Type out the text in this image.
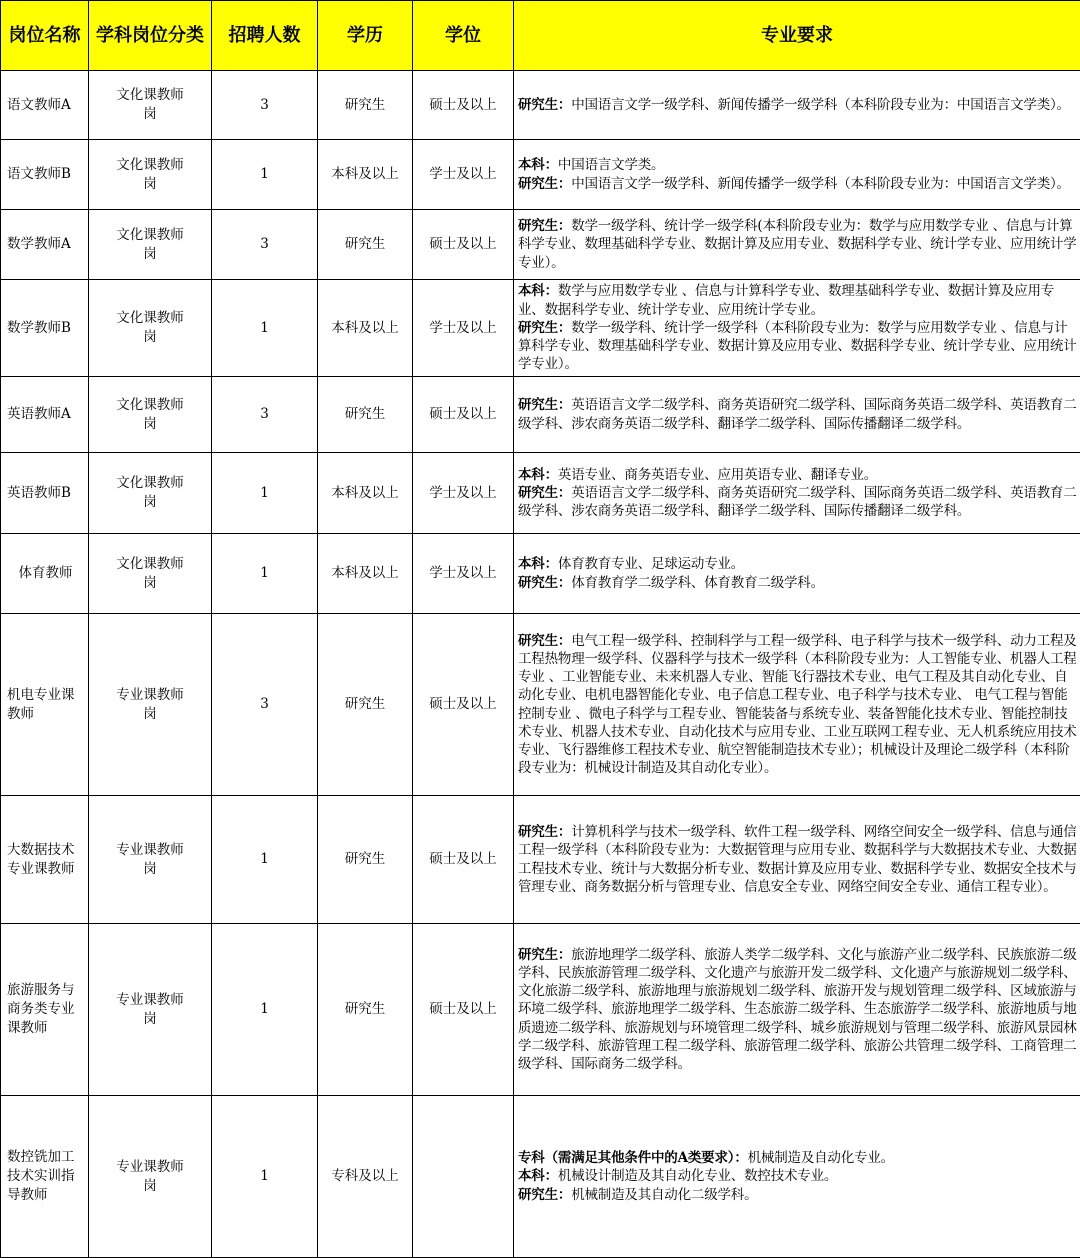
岗位名称	学科岗位分类	招聘人数	学历	学位	专业要求
语文教师A	文化课教师岗	3	研究生	硕士及以上	研究生：中国语言文学一级学科、新闻传播学一级学科（本科阶段专业为：中国语言文学类）。

语文教师B	文化课教师岗	1	本科及以上	学士及以上	本科：中国语言文学类。
研究生：中国语言文学一级学科、新闻传播学一级学科（本科阶段专业为：中国语言文学类）。

数学教师A	文化课教师岗	3	研究生	硕士及以上	研究生：数学一级学科、统计学一级学科(本科阶段专业为：数学与应用数学专业 、信息与计算科学专业、数理基础科学专业、数据计算及应用专业、数据科学专业、统计学专业、应用统计学专业）。

数学教师B	文化课教师岗	1	本科及以上	学士及以上	本科：数学与应用数学专业 、信息与计算科学专业、数理基础科学专业、数据计算及应用专业、数据科学专业、统计学专业、应用统计学专业。
研究生：数学一级学科、统计学一级学科（本科阶段专业为：数学与应用数学专业 、信息与计算科学专业、数理基础科学专业、数据计算及应用专业、数据科学专业、统计学专业、应用统计学专业）。

英语教师A	文化课教师岗	3	研究生	硕士及以上	研究生：英语语言文学二级学科、商务英语研究二级学科、国际商务英语二级学科、英语教育二级学科、涉农商务英语二级学科、翻译学二级学科、国际传播翻译二级学科。

英语教师B	文化课教师岗	1	本科及以上	学士及以上	本科：英语专业、商务英语专业、应用英语专业、翻译专业。
研究生：英语语言文学二级学科、商务英语研究二级学科、国际商务英语二级学科、英语教育二级学科、涉农商务英语二级学科、翻译学二级学科、国际传播翻译二级学科。

体育教师	文化课教师岗	1	本科及以上	学士及以上	本科：体育教育专业、足球运动专业。
研究生：体育教育学二级学科、体育教育二级学科。

机电专业课教师	专业课教师岗	3	研究生	硕士及以上	研究生：电气工程一级学科、控制科学与工程一级学科、电子科学与技术一级学科、动力工程及工程热物理一级学科、仪器科学与技术一级学科（本科阶段专业为：人工智能专业、机器人工程专业 、工业智能专业、未来机器人专业、智能飞行器技术专业、电气工程及其自动化专业、自动化专业、电机电器智能化专业、电子信息工程专业、电子科学与技术专业、 电气工程与智能控制专业 、微电子科学与工程专业、智能装备与系统专业、装备智能化技术专业、智能控制技术专业、机器人技术专业、自动化技术与应用专业、工业互联网工程专业、无人机系统应用技术专业、飞行器维修工程技术专业、航空智能制造技术专业）；机械设计及理论二级学科（本科阶段专业为：机械设计制造及其自动化专业）。

大数据技术专业课教师	专业课教师岗	1	研究生	硕士及以上	研究生：计算机科学与技术一级学科、软件工程一级学科、网络空间安全一级学科、信息与通信工程一级学科（本科阶段专业为：大数据管理与应用专业、数据科学与大数据技术专业、大数据工程技术专业、统计与大数据分析专业、数据计算及应用专业、数据科学专业、数据安全技术与管理专业、商务数据分析与管理专业、信息安全专业、网络空间安全专业、通信工程专业）。

旅游服务与商务类专业课教师	专业课教师岗	1	研究生	硕士及以上	研究生：旅游地理学二级学科、旅游人类学二级学科、文化与旅游产业二级学科、民族旅游二级学科、民族旅游管理二级学科、文化遗产与旅游开发二级学科、文化遗产与旅游规划二级学科、文化旅游二级学科、旅游地理与旅游规划二级学科、旅游开发与规划管理二级学科、区域旅游与环境二级学科、旅游地理学二级学科、生态旅游二级学科、生态旅游学二级学科、旅游地质与地质遗迹二级学科、旅游规划与环境管理二级学科、城乡旅游规划与管理二级学科、旅游风景园林学二级学科、旅游管理工程二级学科、旅游管理二级学科、旅游公共管理二级学科、工商管理二级学科、国际商务二级学科。

数控铣加工技术实训指导教师	专业课教师岗	1	专科及以上		专科（需满足其他条件中的A类要求）：机械制造及自动化专业。
本科：机械设计制造及其自动化专业、数控技术专业。
研究生：机械制造及其自动化二级学科。
